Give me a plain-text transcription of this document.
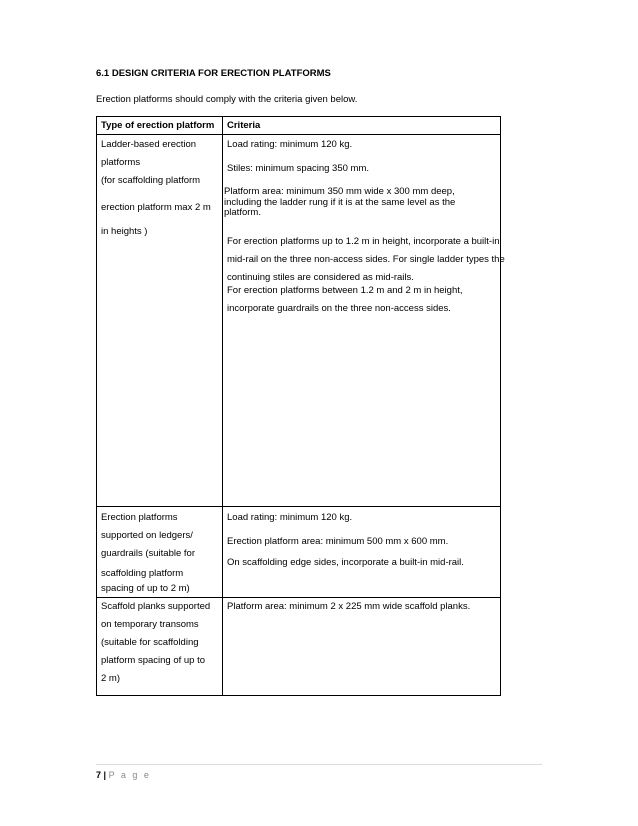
6.1 DESIGN CRITERIA FOR ERECTION PLATFORMS
Erection platforms should comply with the criteria given below.
Type of erection platform	Criteria
Ladder-based erection
platforms
(for scaffolding platform
erection platform max 2 m
in heights )
Load rating: minimum 120 kg.
Stiles: minimum spacing 350 mm.
Platform area: minimum 350 mm wide x 300 mm deep, including the ladder rung if it is at the same level as the platform.
For erection platforms up to 1.2 m in height, incorporate a built-in mid-rail on the three non-access sides. For single ladder types the continuing stiles are considered as mid-rails.
For erection platforms between 1.2 m and 2 m in height, incorporate guardrails on the three non-access sides.
Erection platforms
supported on ledgers/
guardrails (suitable for
scaffolding platform
spacing of up to 2 m)
Load rating: minimum 120 kg.
Erection platform area: minimum 500 mm x 600 mm.
On scaffolding edge sides, incorporate a built-in mid-rail.
Scaffold planks supported
on temporary transoms
(suitable for scaffolding
platform spacing of up to
2 m)
Platform area: minimum 2 x 225 mm wide scaffold planks.
7 | P a g e
